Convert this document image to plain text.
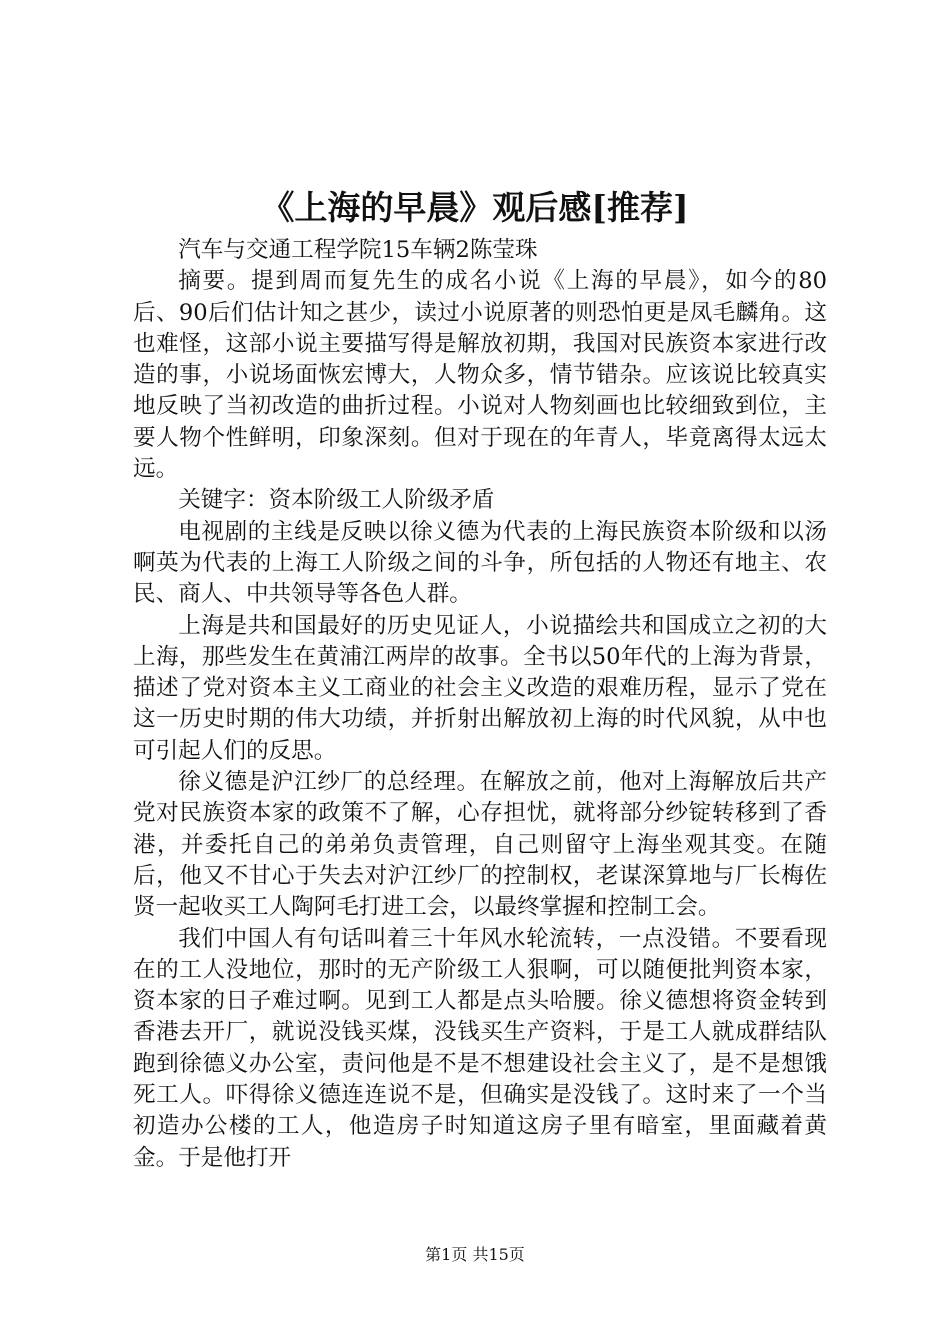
《上海的早晨》观后感[推荐]

汽车与交通工程学院15车辆2陈莹珠

摘要。提到周而复先生的成名小说《上海的早晨》，如今的80后、90后们估计知之甚少，读过小说原著的则恐怕更是凤毛麟角。这也难怪，这部小说主要描写得是解放初期，我国对民族资本家进行改造的事，小说场面恢宏博大，人物众多，情节错杂。应该说比较真实地反映了当初改造的曲折过程。小说对人物刻画也比较细致到位，主要人物个性鲜明，印象深刻。但对于现在的年青人，毕竟离得太远太远。

关键字：资本阶级工人阶级矛盾

电视剧的主线是反映以徐义德为代表的上海民族资本阶级和以汤啊英为代表的上海工人阶级之间的斗争，所包括的人物还有地主、农民、商人、中共领导等各色人群。

上海是共和国最好的历史见证人，小说描绘共和国成立之初的大上海，那些发生在黄浦江两岸的故事。全书以50年代的上海为背景，描述了党对资本主义工商业的社会主义改造的艰难历程，显示了党在这一历史时期的伟大功绩，并折射出解放初上海的时代风貌，从中也可引起人们的反思。

徐义德是沪江纱厂的总经理。在解放之前，他对上海解放后共产党对民族资本家的政策不了解，心存担忧，就将部分纱锭转移到了香港，并委托自己的弟弟负责管理，自己则留守上海坐观其变。在随后，他又不甘心于失去对沪江纱厂的控制权，老谋深算地与厂长梅佐贤一起收买工人陶阿毛打进工会，以最终掌握和控制工会。

我们中国人有句话叫着三十年风水轮流转，一点没错。不要看现在的工人没地位，那时的无产阶级工人狠啊，可以随便批判资本家，资本家的日子难过啊。见到工人都是点头哈腰。徐义德想将资金转到香港去开厂，就说没钱买煤，没钱买生产资料，于是工人就成群结队跑到徐德义办公室，责问他是不是不想建设社会主义了，是不是想饿死工人。吓得徐义德连连说不是，但确实是没钱了。这时来了一个当初造办公楼的工人，他造房子时知道这房子里有暗室，里面藏着黄金。于是他打开

第1页 共15页
